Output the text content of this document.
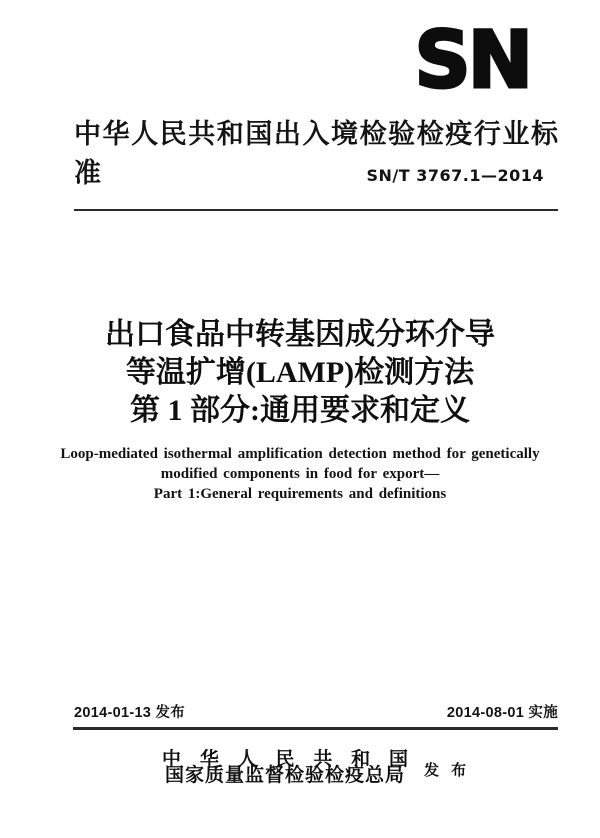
SN
中华人民共和国出入境检验检疫行业标准	SN/T 3767.1—2014
出口食品中转基因成分环介导
等温扩增(LAMP)检测方法
第 1 部分:通用要求和定义
Loop-mediated isothermal amplification detection method for genetically
modified components in food for export—
Part 1:General requirements and definitions
2014-01-13 发布	2014-08-01 实施
中华人民共和国
国家质量监督检验检疫总局 发 布
